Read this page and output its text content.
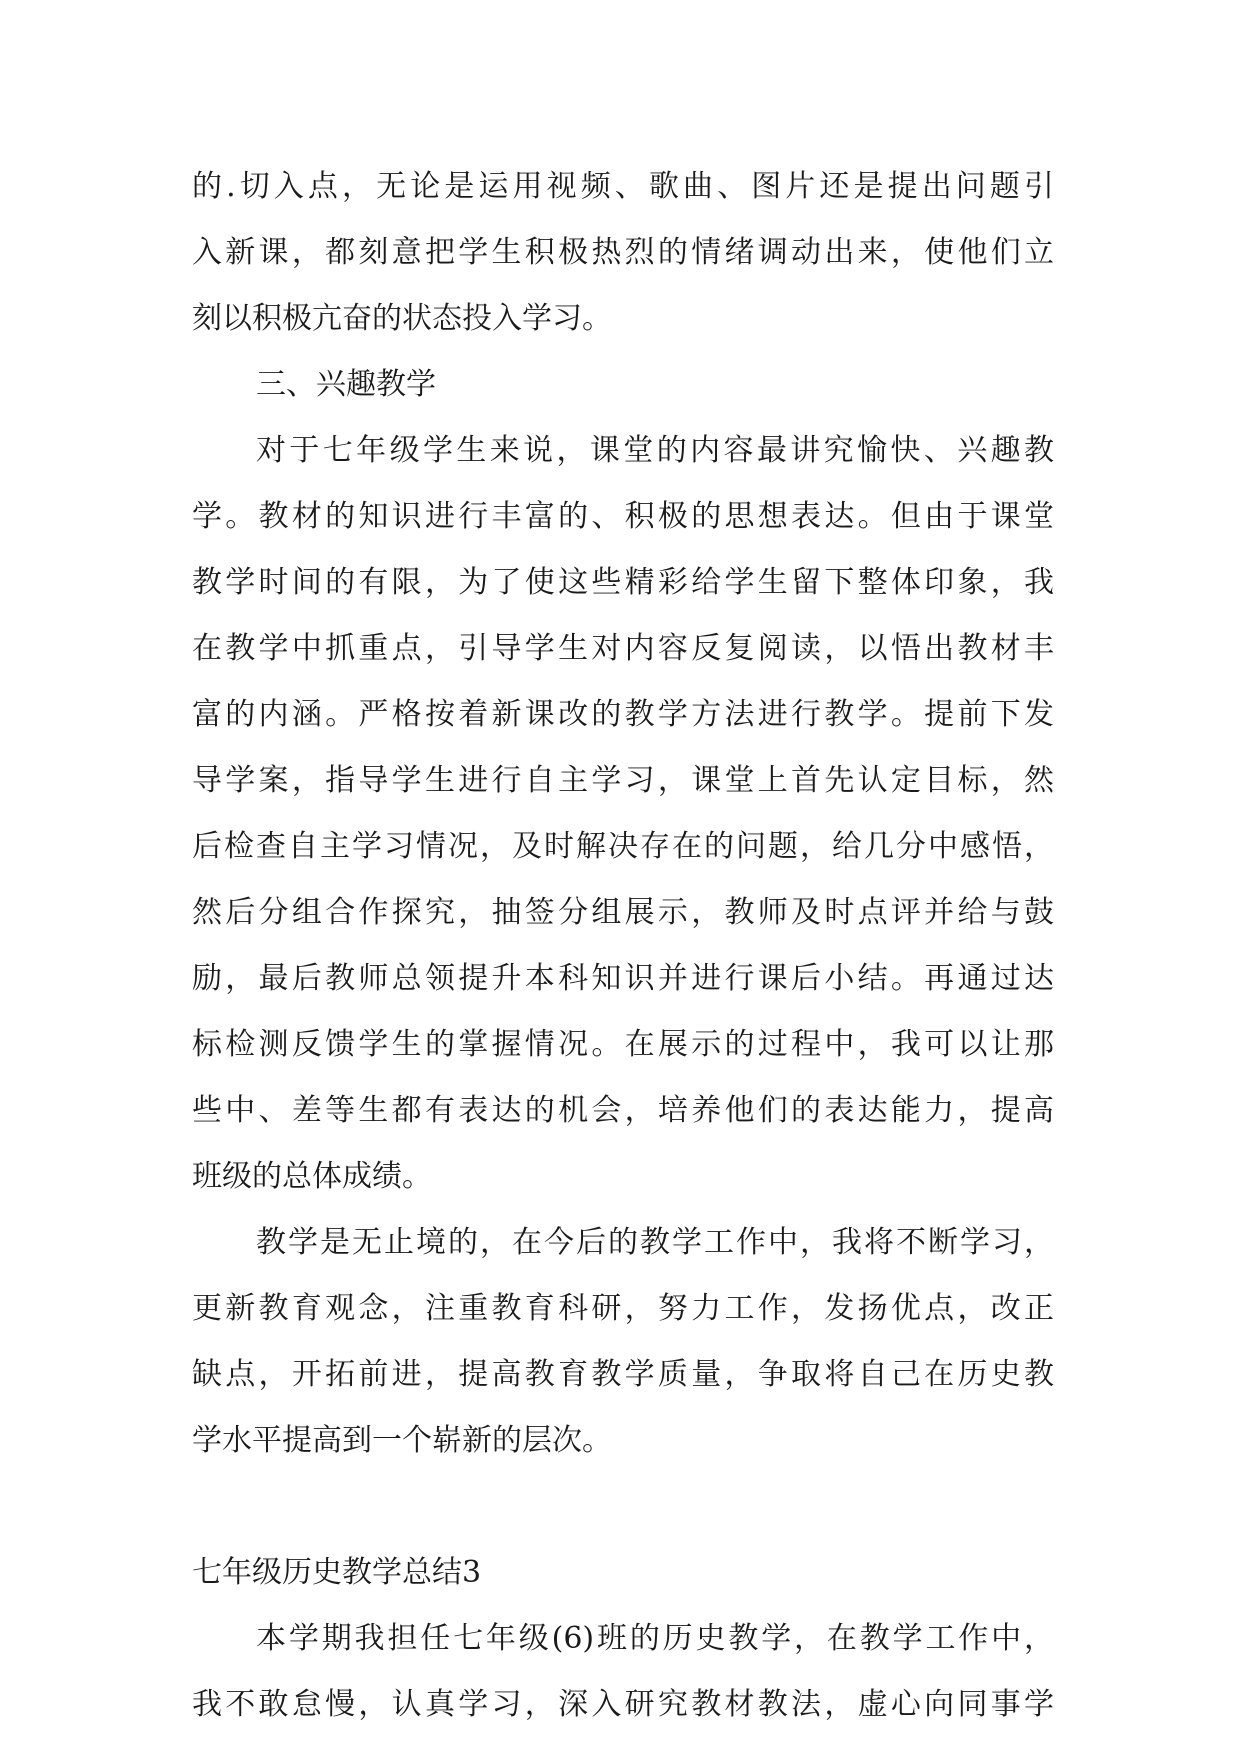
的.切入点，无论是运用视频、歌曲、图片还是提出问题引
入新课，都刻意把学生积极热烈的情绪调动出来，使他们立
刻以积极亢奋的状态投入学习。
三、兴趣教学
对于七年级学生来说，课堂的内容最讲究愉快、兴趣教
学。教材的知识进行丰富的、积极的思想表达。但由于课堂
教学时间的有限，为了使这些精彩给学生留下整体印象，我
在教学中抓重点，引导学生对内容反复阅读，以悟出教材丰
富的内涵。严格按着新课改的教学方法进行教学。提前下发
导学案，指导学生进行自主学习，课堂上首先认定目标，然
后检查自主学习情况，及时解决存在的问题，给几分中感悟，
然后分组合作探究，抽签分组展示，教师及时点评并给与鼓
励，最后教师总领提升本科知识并进行课后小结。再通过达
标检测反馈学生的掌握情况。在展示的过程中，我可以让那
些中、差等生都有表达的机会，培养他们的表达能力，提高
班级的总体成绩。
教学是无止境的，在今后的教学工作中，我将不断学习，
更新教育观念，注重教育科研，努力工作，发扬优点，改正
缺点，开拓前进，提高教育教学质量，争取将自己在历史教
学水平提高到一个崭新的层次。
七年级历史教学总结3
本学期我担任七年级(6)班的历史教学，在教学工作中，
我不敢怠慢，认真学习，深入研究教材教法，虚心向同事学
